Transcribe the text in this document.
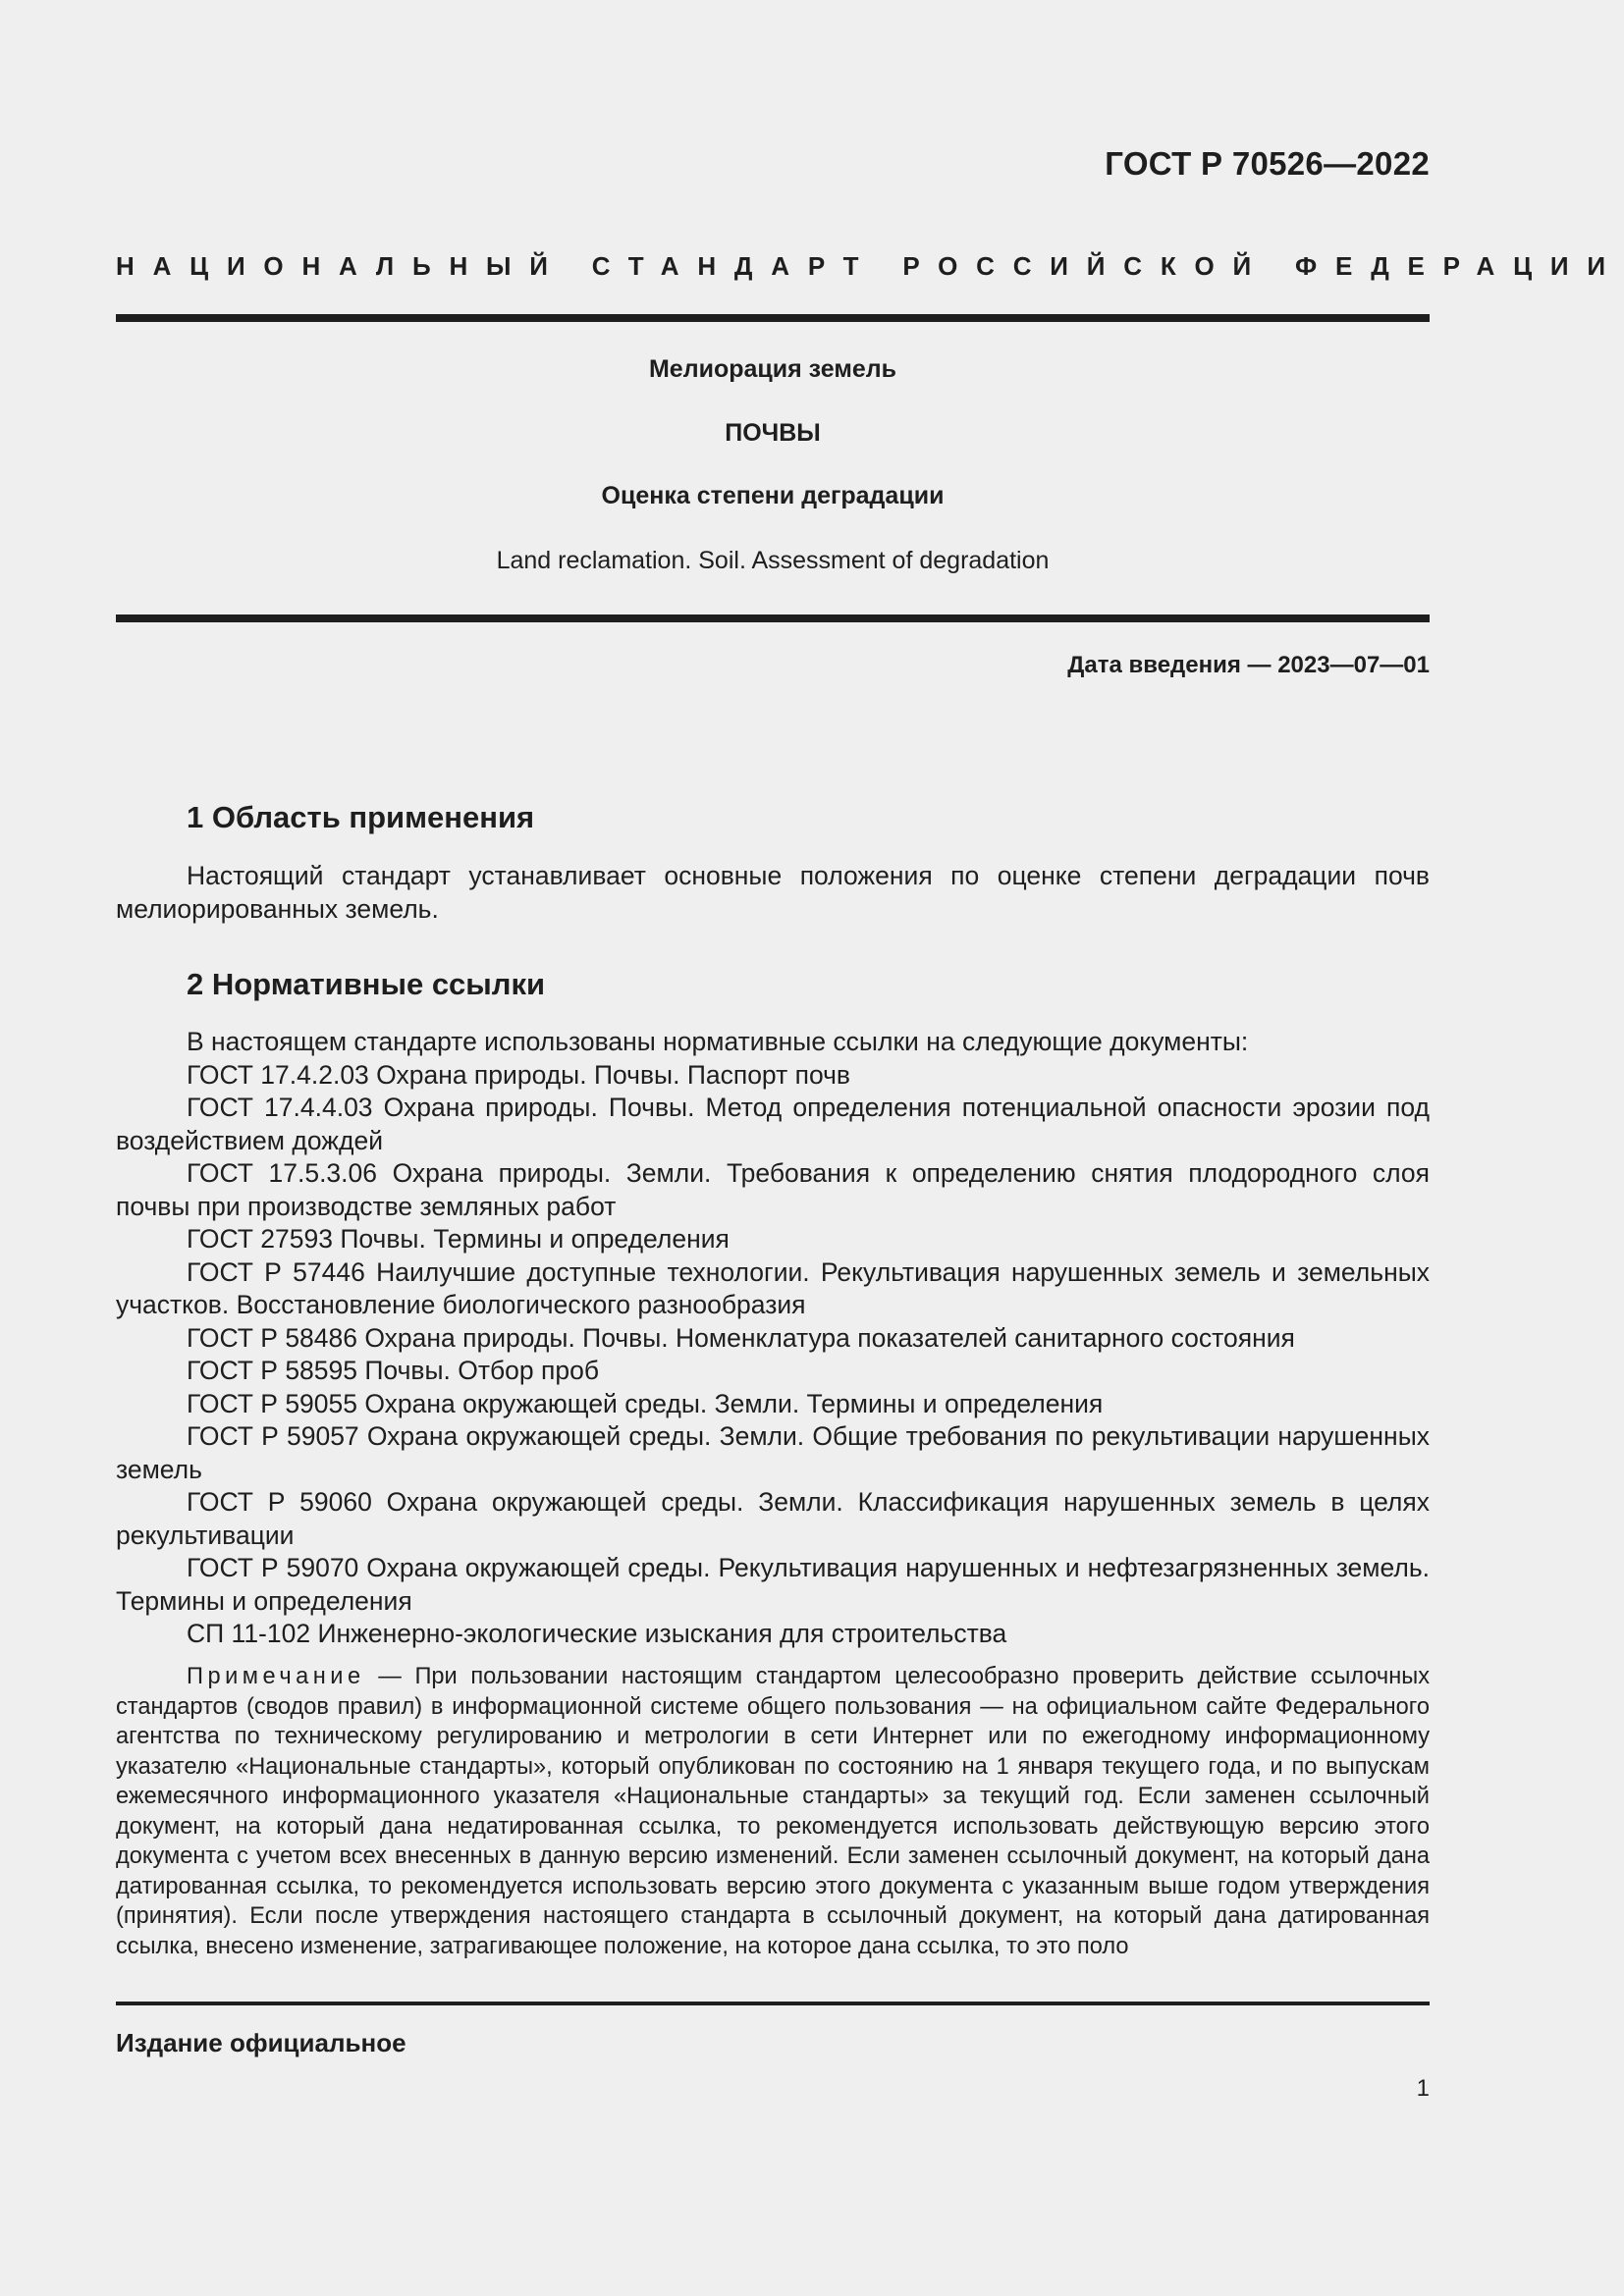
ГОСТ Р 70526—2022
НАЦИОНАЛЬНЫЙ СТАНДАРТ РОССИЙСКОЙ ФЕДЕРАЦИИ
Мелиорация земель
ПОЧВЫ
Оценка степени деградации
Land reclamation. Soil. Assessment of degradation
Дата введения — 2023—07—01
1 Область применения

Настоящий стандарт устанавливает основные положения по оценке степени деградации почв мелиорированных земель.

2 Нормативные ссылки

В настоящем стандарте использованы нормативные ссылки на следующие документы:

ГОСТ 17.4.2.03 Охрана природы. Почвы. Паспорт почв

ГОСТ 17.4.4.03 Охрана природы. Почвы. Метод определения потенциальной опасности эрозии под воздействием дождей

ГОСТ 17.5.3.06 Охрана природы. Земли. Требования к определению снятия плодородного слоя почвы при производстве земляных работ

ГОСТ 27593 Почвы. Термины и определения

ГОСТ Р 57446 Наилучшие доступные технологии. Рекультивация нарушенных земель и земельных участков. Восстановление биологического разнообразия

ГОСТ Р 58486 Охрана природы. Почвы. Номенклатура показателей санитарного состояния

ГОСТ Р 58595 Почвы. Отбор проб

ГОСТ Р 59055 Охрана окружающей среды. Земли. Термины и определения

ГОСТ Р 59057 Охрана окружающей среды. Земли. Общие требования по рекультивации нарушенных земель

ГОСТ Р 59060 Охрана окружающей среды. Земли. Классификация нарушенных земель в целях рекультивации

ГОСТ Р 59070 Охрана окружающей среды. Рекультивация нарушенных и нефтезагрязненных земель. Термины и определения

СП 11-102 Инженерно-экологические изыскания для строительства

Примечание — При пользовании настоящим стандартом целесообразно проверить действие ссылочных стандартов (сводов правил) в информационной системе общего пользования — на официальном сайте Федерального агентства по техническому регулированию и метрологии в сети Интернет или по ежегодному информационному указателю «Национальные стандарты», который опубликован по состоянию на 1 января текущего года, и по выпускам ежемесячного информационного указателя «Национальные стандарты» за текущий год. Если заменен ссылочный документ, на который дана недатированная ссылка, то рекомендуется использовать действующую версию этого документа с учетом всех внесенных в данную версию изменений. Если заменен ссылочный документ, на который дана датированная ссылка, то рекомендуется использовать версию этого документа с указанным выше годом утверждения (принятия). Если после утверждения настоящего стандарта в ссылочный документ, на который дана датированная ссылка, внесено изменение, затрагивающее положение, на которое дана ссылка, то это поло

Издание официальное
1
